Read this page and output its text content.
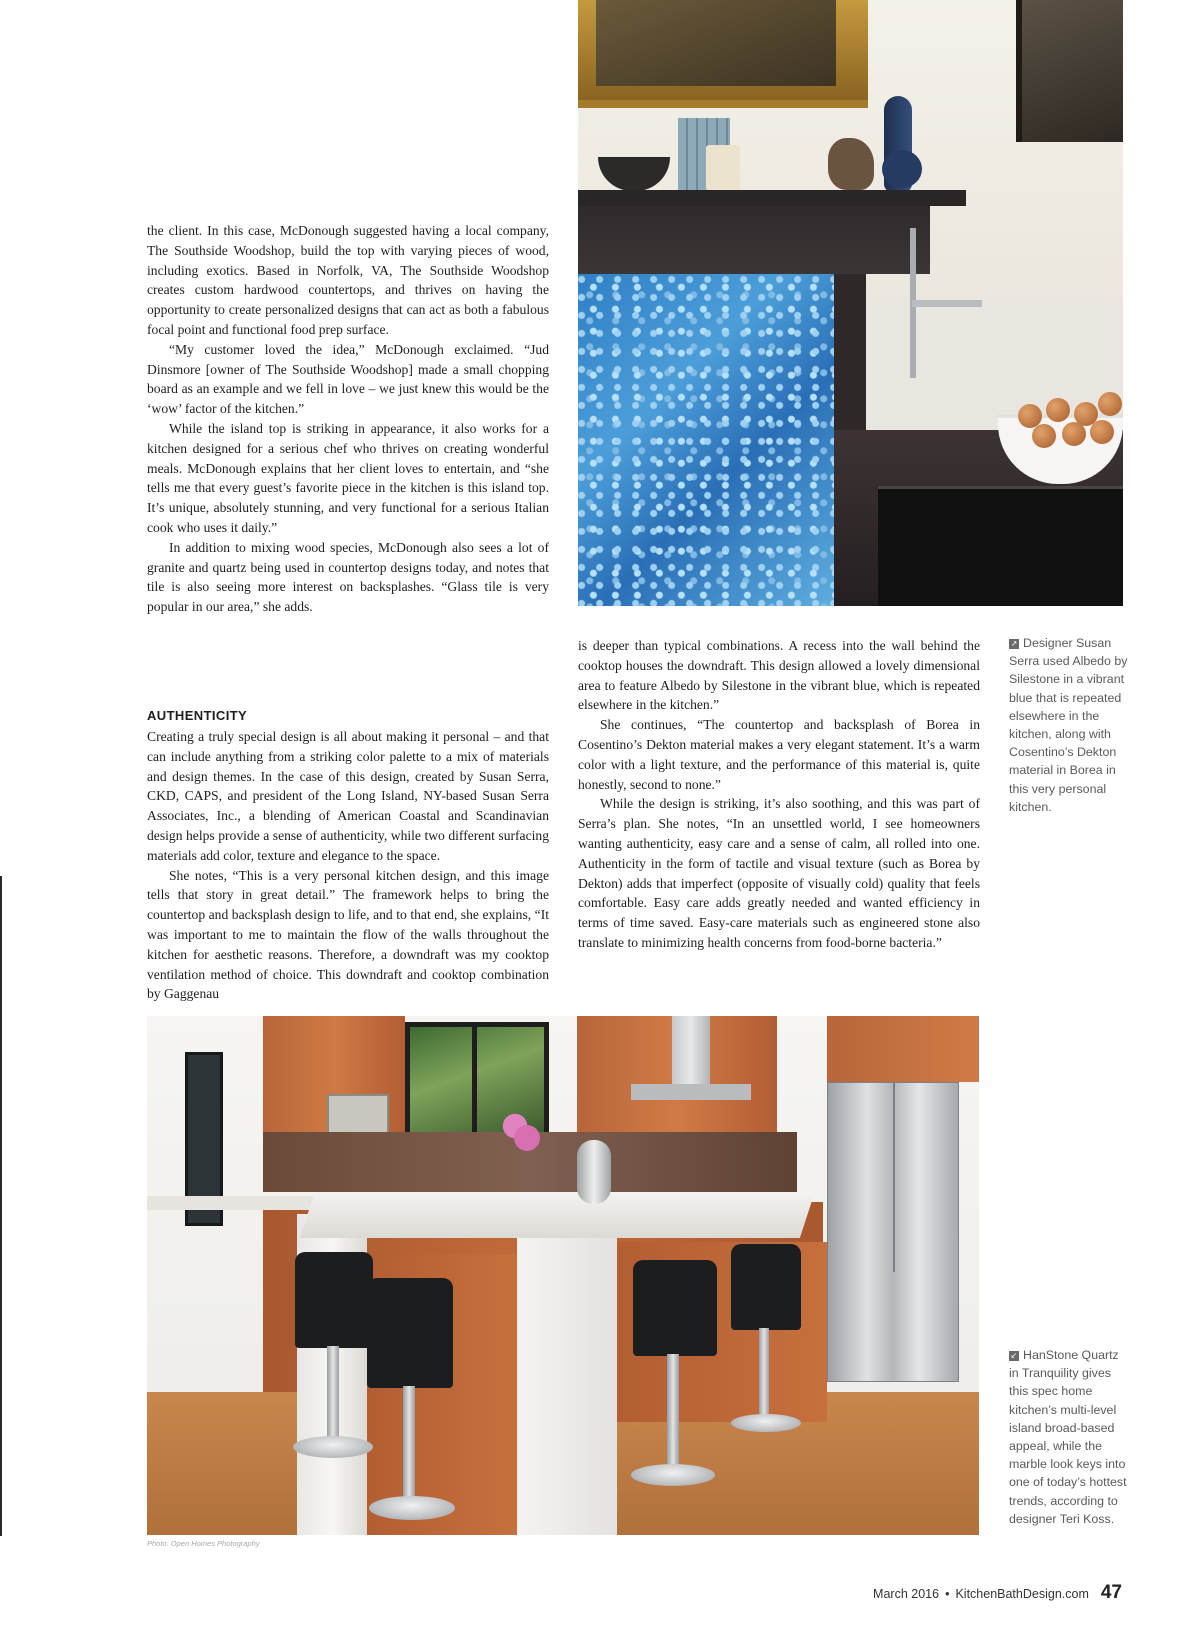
the client. In this case, McDonough suggested having a local company, The Southside Woodshop, build the top with varying pieces of wood, including exotics. Based in Norfolk, VA, The Southside Woodshop creates custom hardwood countertops, and thrives on having the opportunity to create personalized designs that can act as both a fabulous focal point and functional food prep surface.

“My customer loved the idea,” McDonough exclaimed. “Jud Dinsmore [owner of The Southside Woodshop] made a small chopping board as an example and we fell in love – we just knew this would be the ‘wow’ factor of the kitchen.”

While the island top is striking in appearance, it also works for a kitchen designed for a serious chef who thrives on creating wonderful meals. McDonough explains that her client loves to entertain, and “she tells me that every guest’s favorite piece in the kitchen is this island top. It’s unique, absolutely stunning, and very functional for a serious Italian cook who uses it daily.”

In addition to mixing wood species, McDonough also sees a lot of granite and quartz being used in countertop designs today, and notes that tile is also seeing more interest on backsplashes. “Glass tile is very popular in our area,” she adds.

AUTHENTICITY

Creating a truly special design is all about making it personal – and that can include anything from a striking color palette to a mix of materials and design themes. In the case of this design, created by Susan Serra, CKD, CAPS, and president of the Long Island, NY-based Susan Serra Associates, Inc., a blending of American Coastal and Scandinavian design helps provide a sense of authenticity, while two different surfacing materials add color, texture and elegance to the space.

She notes, “This is a very personal kitchen design, and this image tells that story in great detail.” The framework helps to bring the countertop and backsplash design to life, and to that end, she explains, “It was important to me to maintain the flow of the walls throughout the kitchen for aesthetic reasons. Therefore, a downdraft was my cooktop ventilation method of choice. This downdraft and cooktop combination by Gaggenau

is deeper than typical combinations. A recess into the wall behind the cooktop houses the downdraft. This design allowed a lovely dimensional area to feature Albedo by Silestone in the vibrant blue, which is repeated elsewhere in the kitchen.”

She continues, “The countertop and backsplash of Borea in Cosentino’s Dekton material makes a very elegant statement. It’s a warm color with a light texture, and the performance of this material is, quite honestly, second to none.”

While the design is striking, it’s also soothing, and this was part of Serra’s plan. She notes, “In an unsettled world, I see homeowners wanting authenticity, easy care and a sense of calm, all rolled into one. Authenticity in the form of tactile and visual texture (such as Borea by Dekton) adds that imperfect (opposite of visually cold) quality that feels comfortable. Easy care adds greatly needed and wanted efficiency in terms of time saved. Easy-care materials such as engineered stone also translate to minimizing health concerns from food-borne bacteria.”

↗ Designer Susan Serra used Albedo by Silestone in a vibrant blue that is repeated elsewhere in the kitchen, along with Cosentino’s Dekton material in Borea in this very personal kitchen.
↙ HanStone Quartz in Tranquility gives this spec home kitchen’s multi-level island broad-based appeal, while the marble look keys into one of today’s hottest trends, according to designer Teri Koss.
Photo: Open Homes Photography
March 2016 • KitchenBathDesign.com 47
